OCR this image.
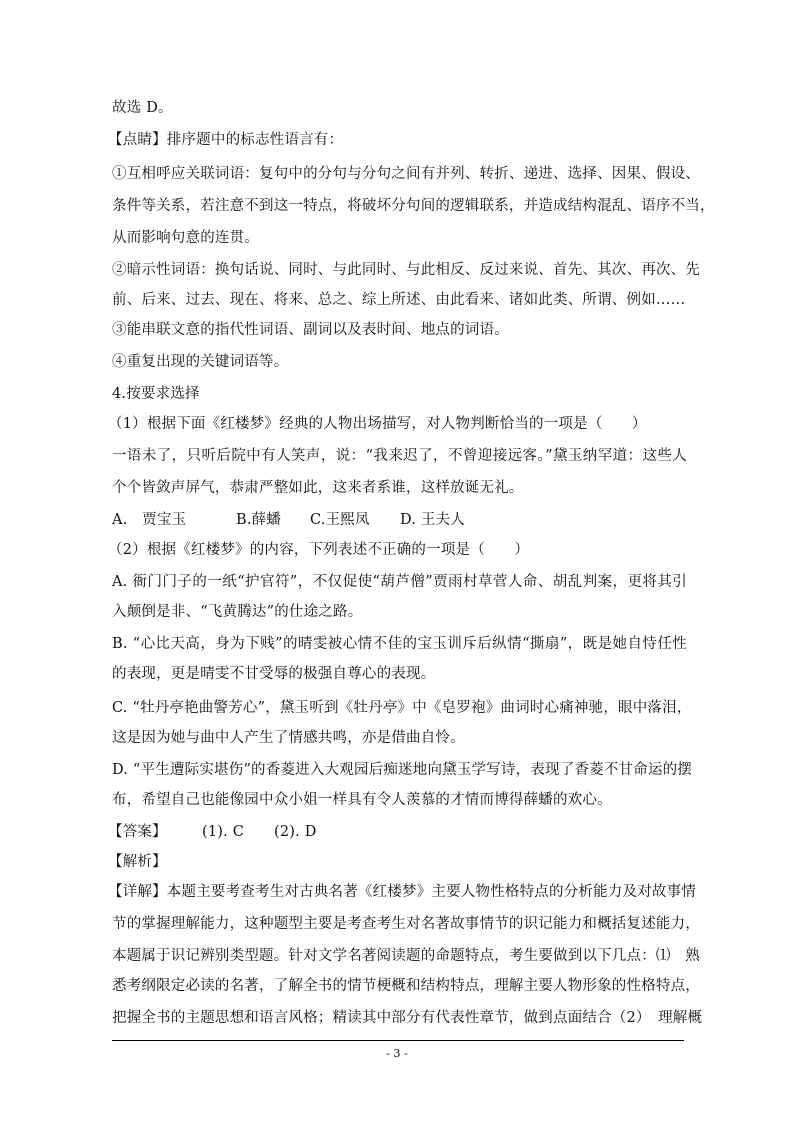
故选 D。
【点睛】排序题中的标志性语言有：
①互相呼应关联词语：复句中的分句与分句之间有并列、转折、递进、选择、因果、假设、
条件等关系，若注意不到这一特点，将破坏分句间的逻辑联系，并造成结构混乱、语序不当，
从而影响句意的连贯。
②暗示性词语：换句话说、同时、与此同时、与此相反、反过来说、首先、其次、再次、先
前、后来、过去、现在、将来、总之、综上所述、由此看来、诸如此类、所谓、例如……
③能串联文意的指代性词语、副词以及表时间、地点的词语。
④重复出现的关键词语等。
4.按要求选择
（1）根据下面《红楼梦》经典的人物出场描写，对人物判断恰当的一项是（　　）
一语未了，只听后院中有人笑声，说：“我来迟了，不曾迎接远客。”黛玉纳罕道：这些人
个个皆敛声屏气，恭肃严整如此，这来者系谁，这样放诞无礼。
A.　贾宝玉	B.薛蟠 C.王熙凤 D. 王夫人
（2）根据《红楼梦》的内容，下列表述不正确的一项是（　　）
A. 衙门门子的一纸“护官符”，不仅促使“葫芦僧”贾雨村草菅人命、胡乱判案，更将其引
入颠倒是非、“飞黄腾达”的仕途之路。
B. “心比天高，身为下贱”的晴雯被心情不佳的宝玉训斥后纵情“撕扇”，既是她自恃任性
的表现，更是晴雯不甘受辱的极强自尊心的表现。
C. “牡丹亭艳曲警芳心”，黛玉听到《牡丹亭》中《皂罗袍》曲词时心痛神驰，眼中落泪，
这是因为她与曲中人产生了情感共鸣，亦是借曲自怜。
D. “平生遭际实堪伤”的香菱进入大观园后痴迷地向黛玉学写诗，表现了香菱不甘命运的摆
布，希望自己也能像园中众小姐一样具有令人羡慕的才情而博得薛蟠的欢心。
【答案】 (1). C (2). D
【解析】
【详解】本题主要考查考生对古典名著《红楼梦》主要人物性格特点的分析能力及对故事情
节的掌握理解能力，这种题型主要是考查考生对名著故事情节的识记能力和概括复述能力，
本题属于识记辨别类型题。针对文学名著阅读题的命题特点，考生要做到以下几点：⑴　熟
悉考纲限定必读的名著，了解全书的情节梗概和结构特点，理解主要人物形象的性格特点，
把握全书的主题思想和语言风格；精读其中部分有代表性章节，做到点面结合（2）　理解概
- 3 -
